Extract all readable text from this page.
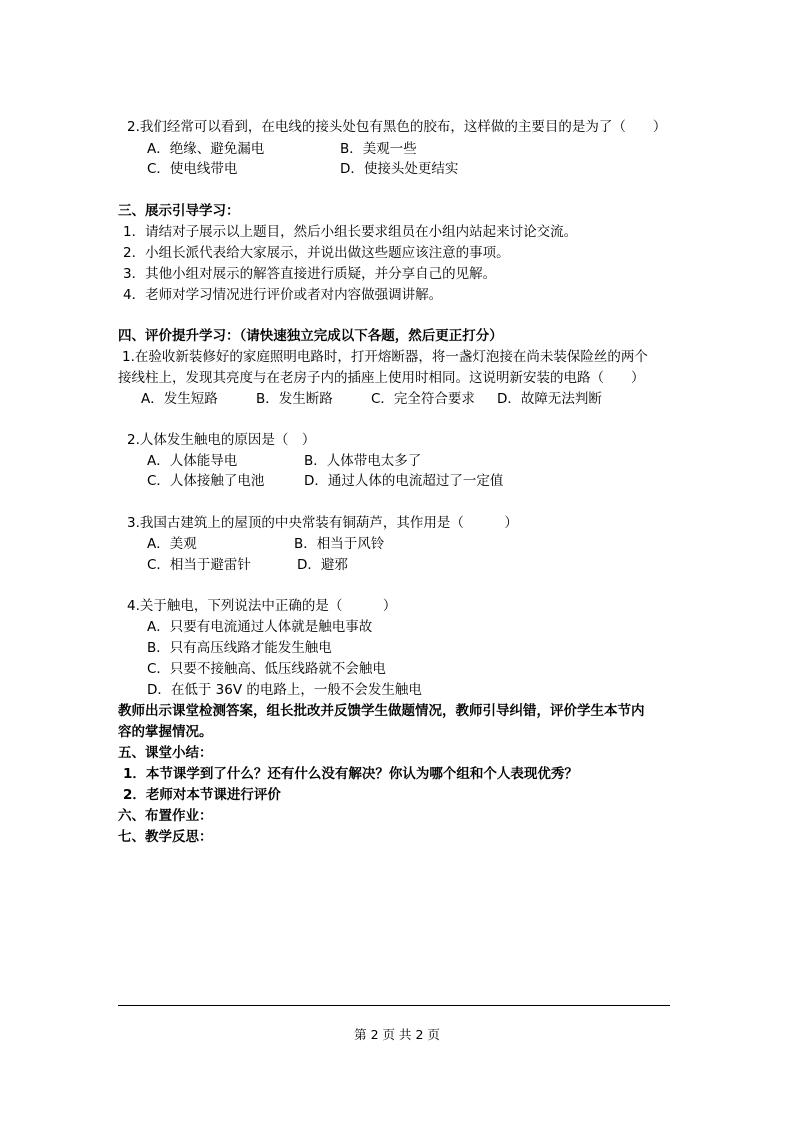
2.我们经常可以看到，在电线的接头处包有黑色的胶布，这样做的主要目的是为了（　　）
A．绝缘、避免漏电	B．美观一些
C．使电线带电	D．使接头处更结实
三、展示引导学习：
1．请结对子展示以上题目，然后小组长要求组员在小组内站起来讨论交流。
2．小组长派代表给大家展示，并说出做这些题应该注意的事项。
3．其他小组对展示的解答直接进行质疑，并分享自己的见解。
4．老师对学习情况进行评价或者对内容做强调讲解。
四、评价提升学习：（请快速独立完成以下各题，然后更正打分）
1.在验收新装修好的家庭照明电路时，打开熔断器，将一盏灯泡接在尚未装保险丝的两个
接线柱上，发现其亮度与在老房子内的插座上使用时相同。这说明新安装的电路（　　）
A．发生短路	B．发生断路	C．完全符合要求 D．故障无法判断
2.人体发生触电的原因是（　）
A．人体能导电	B．人体带电太多了
C．人体接触了电池	D．通过人体的电流超过了一定值
3.我国古建筑上的屋顶的中央常装有铜葫芦，其作用是（　　　）
A．美观	B．相当于风铃
C．相当于避雷针	D．避邪
4.关于触电，下列说法中正确的是（　　　）
A．只要有电流通过人体就是触电事故
B．只有高压线路才能发生触电
C．只要不接触高、低压线路就不会触电
D．在低于 36V 的电路上，一般不会发生触电
教师出示课堂检测答案，组长批改并反馈学生做题情况，教师引导纠错，评价学生本节内
容的掌握情况。
五、课堂小结：
1．本节课学到了什么？还有什么没有解决？你认为哪个组和个人表现优秀？
2．老师对本节课进行评价
六、布置作业：
七、教学反思：
第 2 页 共 2 页
